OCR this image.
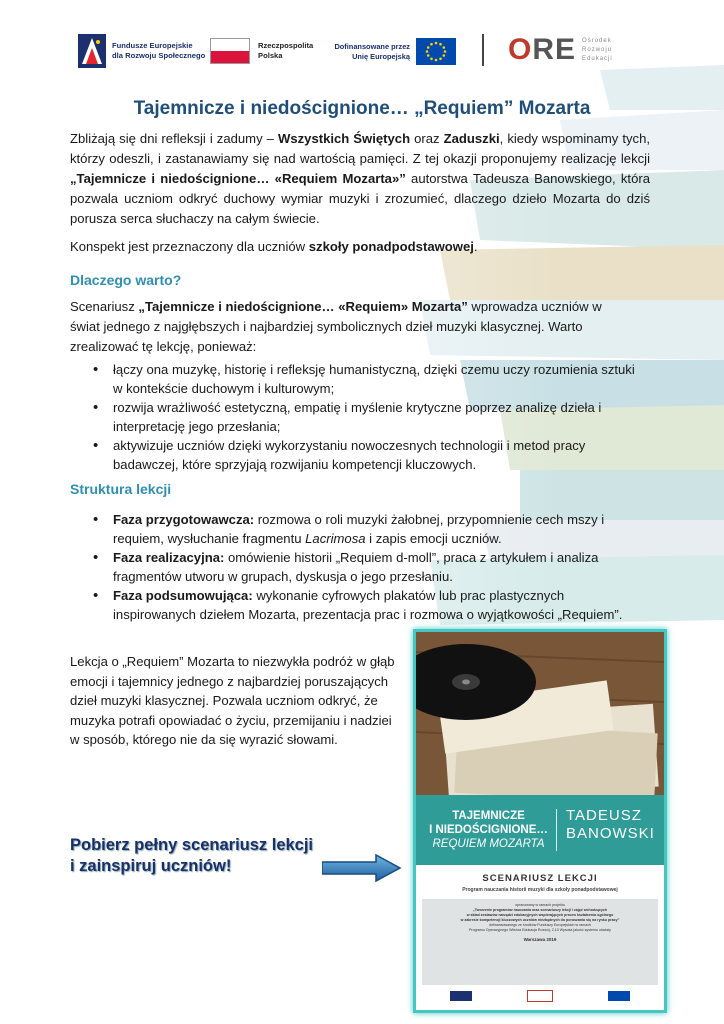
Fundusze Europejskie
dla Rozwoju Społecznego
Rzeczpospolita
Polska
Dofinansowane przez
Unię Europejską	ORE Ośrodek
Rozwoju
Edukacji
Tajemnicze i niedoścignione… „Requiem” Mozarta
Zbliżają się dni refleksji i zadumy – Wszystkich Świętych oraz Zaduszki, kiedy wspominamy tych, którzy odeszli, i zastanawiamy się nad wartością pamięci. Z tej okazji proponujemy realizację lekcji „Tajemnicze i niedoścignione… «Requiem Mozarta»” autorstwa Tadeusza Banowskiego, która pozwala uczniom odkryć duchowy wymiar muzyki i zrozumieć, dlaczego dzieło Mozarta do dziś porusza serca słuchaczy na całym świecie.
Konspekt jest przeznaczony dla uczniów szkoły ponadpodstawowej.
Dlaczego warto?
Scenariusz „Tajemnicze i niedoścignione… «Requiem» Mozarta” wprowadza uczniów w świat jednego z najgłębszych i najbardziej symbolicznych dzieł muzyki klasycznej. Warto zrealizować tę lekcję, ponieważ:
• łączy ona muzykę, historię i refleksję humanistyczną, dzięki czemu uczy rozumienia sztuki w kontekście duchowym i kulturowym;
• rozwija wrażliwość estetyczną, empatię i myślenie krytyczne poprzez analizę dzieła i interpretację jego przesłania;
• aktywizuje uczniów dzięki wykorzystaniu nowoczesnych technologii i metod pracy badawczej, które sprzyjają rozwijaniu kompetencji kluczowych.
Struktura lekcji
• Faza przygotowawcza: rozmowa o roli muzyki żałobnej, przypomnienie cech mszy i requiem, wysłuchanie fragmentu Lacrimosa i zapis emocji uczniów.
• Faza realizacyjna: omówienie historii „Requiem d-moll”, praca z artykułem i analiza fragmentów utworu w grupach, dyskusja o jego przesłaniu.
• Faza podsumowująca: wykonanie cyfrowych plakatów lub prac plastycznych inspirowanych dziełem Mozarta, prezentacja prac i rozmowa o wyjątkowości „Requiem”.
Lekcja o „Requiem” Mozarta to niezwykła podróż w głąb emocji i tajemnicy jednego z najbardziej poruszających dzieł muzyki klasycznej. Pozwala uczniom odkryć, że muzyka potrafi opowiadać o życiu, przemijaniu i nadziei w sposób, którego nie da się wyrazić słowami.
Pobierz pełny scenariusz lekcji
i zainspiruj uczniów!
TAJEMNICZE
I NIEDOŚCIGNIONE…
REQUIEM MOZARTA
TADEUSZ
BANOWSKI
SCENARIUSZ LEKCJI
Program nauczania historii muzyki dla szkoły ponadpodstawowej
opracowany w ramach projektu
„Tworzenie programów nauczania oraz scenariuszy lekcji i zajęć wchodzących
w skład zestawów narzędzi edukacyjnych wspierających proces kształcenia ogólnego
w zakresie kompetencji kluczowych uczniów niezbędnych do poruszania się na rynku pracy”
dofinansowanego ze środków Funduszy Europejskich w ramach
Programu Operacyjnego Wiedza Edukacja Rozwój, 2.10 Wysoka jakość systemu oświaty
Warszawa 2019
